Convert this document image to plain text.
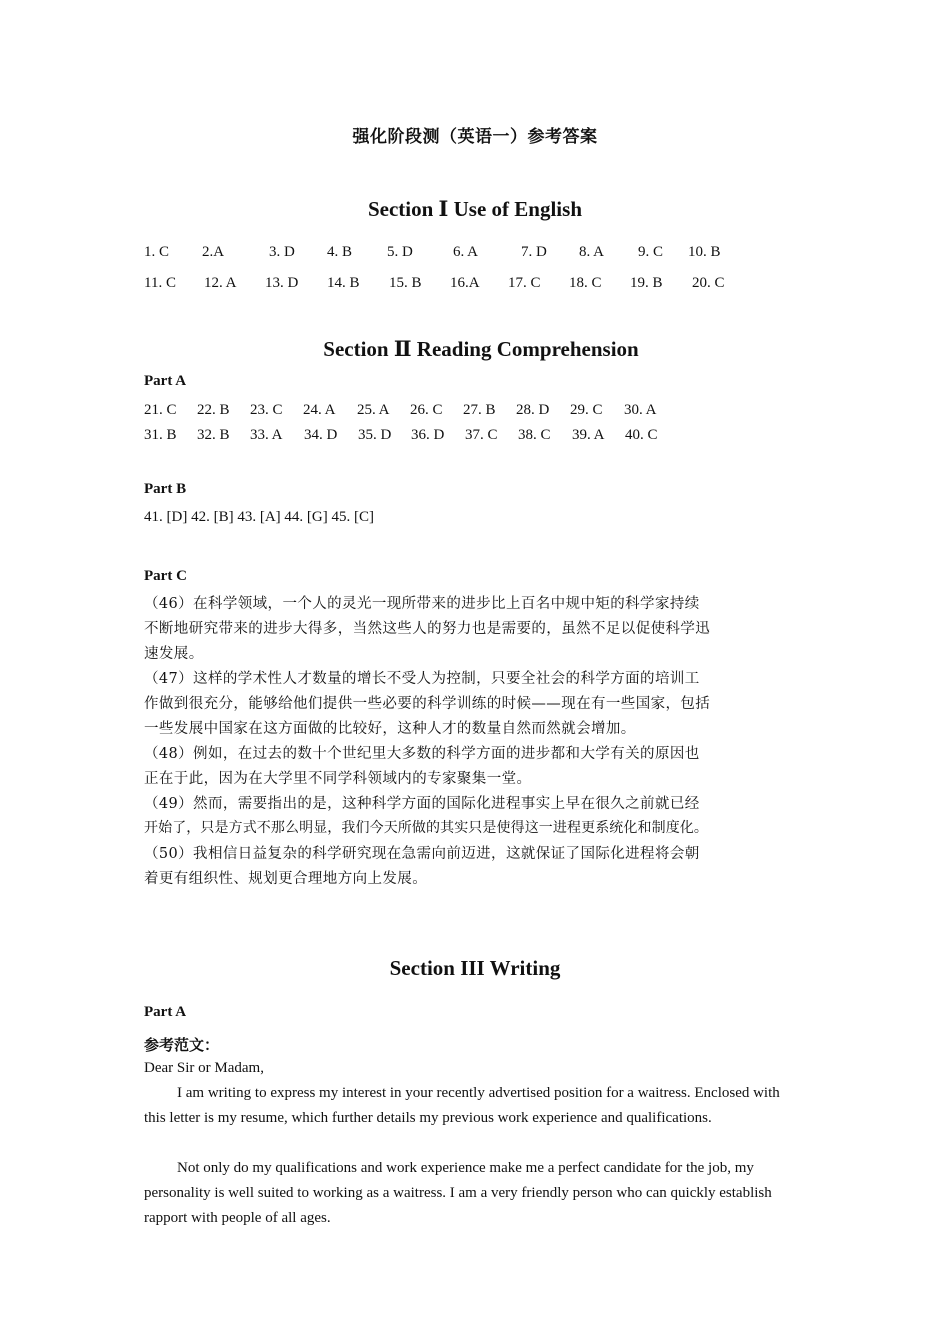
强化阶段测（英语一）参考答案
Section Ⅰ Use of English
1. C 2.A	3. D 4. B 5. D	6. A	7. D 8. A 9. C 10. B
11. C 12. A 13. D 14. B 15. B 16.A 17. C 18. C 19. B 20. C
Section Ⅱ Reading Comprehension
Part A
21. C 22. B 23. C 24. A 25. A 26. C 27. B 28. D 29. C 30. A
31. B 32. B 33. A 34. D 35. D 36. D 37. C 38. C 39. A 40. C
Part B
41. [D] 42. [B] 43. [A] 44. [G] 45. [C]
Part C
（46）在科学领域，一个人的灵光一现所带来的进步比上百名中规中矩的科学家持续
不断地研究带来的进步大得多，当然这些人的努力也是需要的，虽然不足以促使科学迅
速发展。
（47）这样的学术性人才数量的增长不受人为控制，只要全社会的科学方面的培训工
作做到很充分，能够给他们提供一些必要的科学训练的时候——现在有一些国家，包括
一些发展中国家在这方面做的比较好，这种人才的数量自然而然就会增加。
（48）例如，在过去的数十个世纪里大多数的科学方面的进步都和大学有关的原因也
正在于此，因为在大学里不同学科领域内的专家聚集一堂。
（49）然而，需要指出的是，这种科学方面的国际化进程事实上早在很久之前就已经
开始了，只是方式不那么明显，我们今天所做的其实只是使得这一进程更系统化和制度化。
（50）我相信日益复杂的科学研究现在急需向前迈进，这就保证了国际化进程将会朝
着更有组织性、规划更合理地方向上发展。
Section III Writing
Part A
参考范文：
Dear Sir or Madam,
I am writing to express my interest in your recently advertised position for a waitress. Enclosed with this letter is my resume, which further details my previous work experience and qualifications.
Not only do my qualifications and work experience make me a perfect candidate for the job, my personality is well suited to working as a waitress. I am a very friendly person who can quickly establish rapport with people of all ages.
